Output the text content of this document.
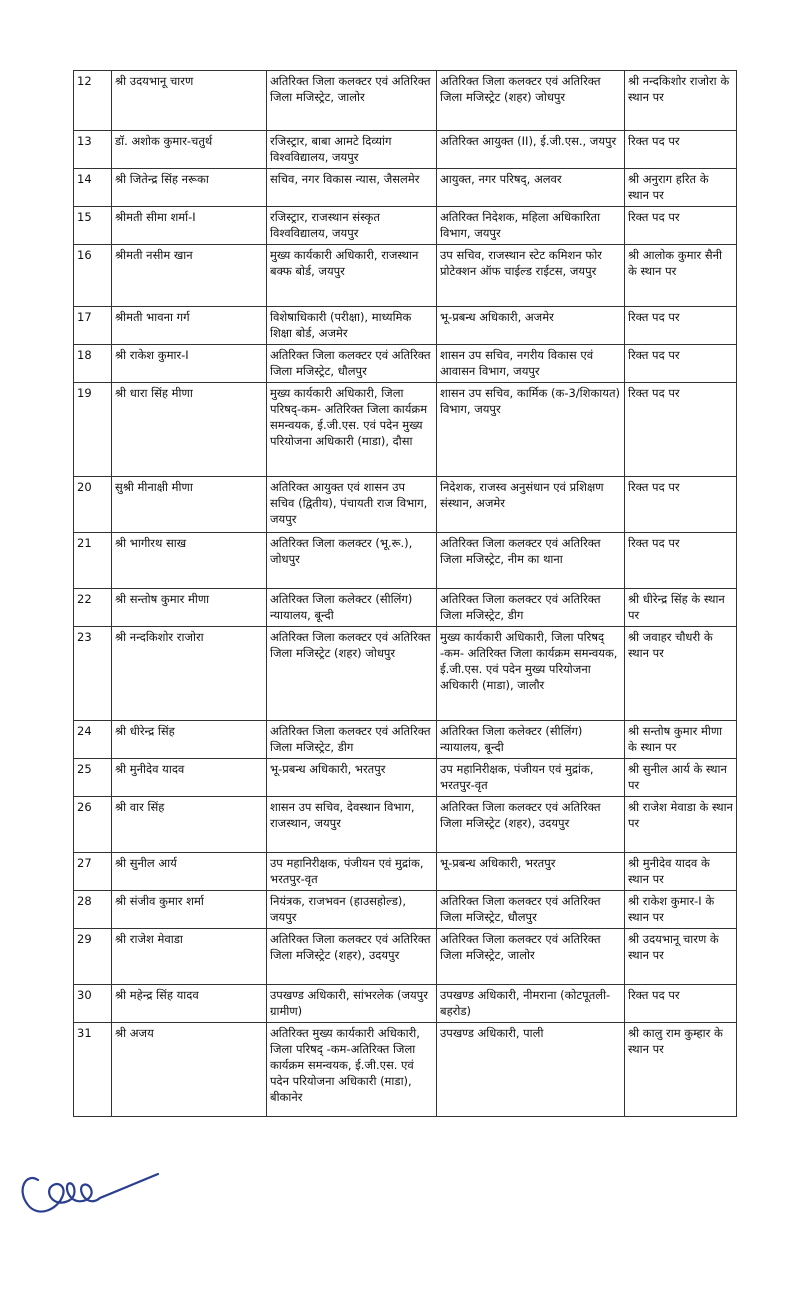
12	श्री उदयभानू चारण	अतिरिक्त जिला कलक्टर एवं अतिरिक्त जिला मजिस्ट्रेट, जालोर	अतिरिक्त जिला कलक्टर एवं अतिरिक्त जिला मजिस्ट्रेट (शहर) जोधपुर	श्री नन्दकिशोर राजोरा के स्थान पर
13	डॉ. अशोक कुमार-चतुर्थ	रजिस्ट्रार, बाबा आमटे दिव्यांग विश्वविद्यालय, जयपुर	अतिरिक्त आयुक्त (II), ई.जी.एस., जयपुर	रिक्त पद पर
14	श्री जितेन्द्र सिंह नरूका	सचिव, नगर विकास न्यास, जैसलमेर	आयुक्त, नगर परिषद्, अलवर	श्री अनुराग हरित के स्थान पर
15	श्रीमती सीमा शर्मा-I	रजिस्ट्रार, राजस्थान संस्कृत विश्वविद्यालय, जयपुर	अतिरिक्त निदेशक, महिला अधिकारिता विभाग, जयपुर	रिक्त पद पर
16	श्रीमती नसीम खान	मुख्य कार्यकारी अधिकारी, राजस्थान बक्फ बोर्ड, जयपुर	उप सचिव, राजस्थान स्टेट कमिशन फोर प्रोटेक्शन ऑफ चाईल्ड राईटस, जयपुर	श्री आलोक कुमार सैनी के स्थान पर
17	श्रीमती भावना गर्ग	विशेषाधिकारी (परीक्षा), माध्यमिक शिक्षा बोर्ड, अजमेर	भू-प्रबन्ध अधिकारी, अजमेर	रिक्त पद पर
18	श्री राकेश कुमार-I	अतिरिक्त जिला कलक्टर एवं अतिरिक्त जिला मजिस्ट्रेट, धौलपुर	शासन उप सचिव, नगरीय विकास एवं आवासन विभाग, जयपुर	रिक्त पद पर
19	श्री धारा सिंह मीणा	मुख्य कार्यकारी अधिकारी, जिला परिषद्-कम- अतिरिक्त जिला कार्यक्रम समन्वयक, ई.जी.एस. एवं पदेन मुख्य परियोजना अधिकारी (माडा), दौसा	शासन उप सचिव, कार्मिक (क-3/शिकायत) विभाग, जयपुर	रिक्त पद पर
20	सुश्री मीनाक्षी मीणा	अतिरिक्त आयुक्त एवं शासन उप सचिव (द्वितीय), पंचायती राज विभाग, जयपुर	निदेशक, राजस्व अनुसंधान एवं प्रशिक्षण संस्थान, अजमेर	रिक्त पद पर
21	श्री भागीरथ साख	अतिरिक्त जिला कलक्टर (भू.रू.), जोधपुर	अतिरिक्त जिला कलक्टर एवं अतिरिक्त जिला मजिस्ट्रेट, नीम का थाना	रिक्त पद पर
22	श्री सन्तोष कुमार मीणा	अतिरिक्त जिला कलेक्टर (सीलिंग) न्यायालय, बून्दी	अतिरिक्त जिला कलक्टर एवं अतिरिक्त जिला मजिस्ट्रेट, डीग	श्री धीरेन्द्र सिंह के स्थान पर
23	श्री नन्दकिशोर राजोरा	अतिरिक्त जिला कलक्टर एवं अतिरिक्त जिला मजिस्ट्रेट (शहर) जोधपुर	मुख्य कार्यकारी अधिकारी, जिला परिषद् -कम- अतिरिक्त जिला कार्यक्रम समन्वयक, ई.जी.एस. एवं पदेन मुख्य परियोजना अधिकारी (माडा), जालौर	श्री जवाहर चौधरी के स्थान पर
24	श्री धीरेन्द्र सिंह	अतिरिक्त जिला कलक्टर एवं अतिरिक्त जिला मजिस्ट्रेट, डीग	अतिरिक्त जिला कलेक्टर (सीलिंग) न्यायालय, बून्दी	श्री सन्तोष कुमार मीणा के स्थान पर
25	श्री मुनीदेव यादव	भू-प्रबन्ध अधिकारी, भरतपुर	उप महानिरीक्षक, पंजीयन एवं मुद्रांक, भरतपुर-वृत	श्री सुनील आर्य के स्थान पर
26	श्री वार सिंह	शासन उप सचिव, देवस्थान विभाग, राजस्थान, जयपुर	अतिरिक्त जिला कलक्टर एवं अतिरिक्त जिला मजिस्ट्रेट (शहर), उदयपुर	श्री राजेश मेवाडा के स्थान पर
27	श्री सुनील आर्य	उप महानिरीक्षक, पंजीयन एवं मुद्रांक, भरतपुर-वृत	भू-प्रबन्ध अधिकारी, भरतपुर	श्री मुनीदेव यादव के स्थान पर
28	श्री संजीव कुमार शर्मा	नियंत्रक, राजभवन (हाउसहोल्ड), जयपुर	अतिरिक्त जिला कलक्टर एवं अतिरिक्त जिला मजिस्ट्रेट, धौलपुर	श्री राकेश कुमार-I के स्थान पर
29	श्री राजेश मेवाडा	अतिरिक्त जिला कलक्टर एवं अतिरिक्त जिला मजिस्ट्रेट (शहर), उदयपुर	अतिरिक्त जिला कलक्टर एवं अतिरिक्त जिला मजिस्ट्रेट, जालोर	श्री उदयभानू चारण के स्थान पर
30	श्री महेन्द्र सिंह यादव	उपखण्ड अधिकारी, सांभरलेक (जयपुर ग्रामीण)	उपखण्ड अधिकारी, नीमराना (कोटपूतली-बहरोड)	रिक्त पद पर
31	श्री अजय	अतिरिक्त मुख्य कार्यकारी अधिकारी, जिला परिषद् -कम-अतिरिक्त जिला कार्यक्रम समन्वयक, ई.जी.एस. एवं पदेन परियोजना अधिकारी (माडा), बीकानेर	उपखण्ड अधिकारी, पाली	श्री कालु राम कुम्हार के स्थान पर
